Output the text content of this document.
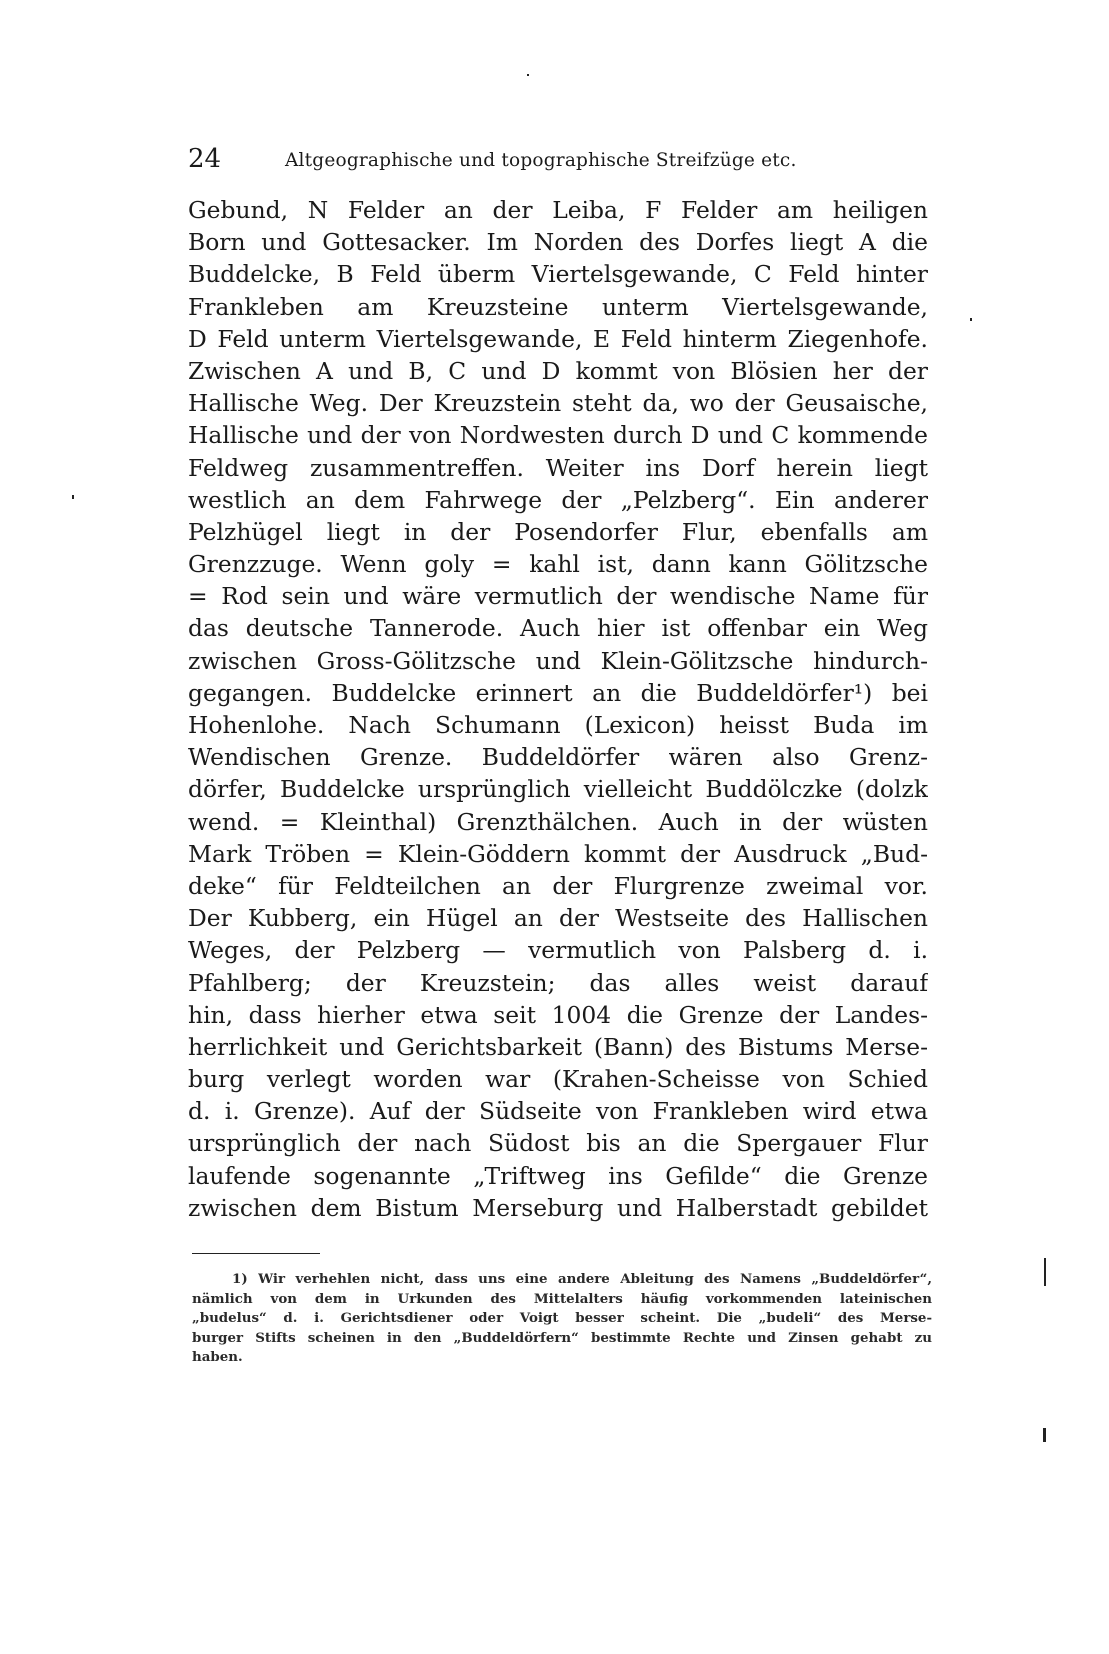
24	Altgeographische und topographische Streifzüge etc.
Gebund, N Felder an der Leiba, F Felder am heiligen
Born und Gottesacker. Im Norden des Dorfes liegt A die
Buddelcke, B Feld überm Viertelsgewande, C Feld hinter
Frankleben am Kreuzsteine unterm Viertelsgewande,
D Feld unterm Viertelsgewande, E Feld hinterm Ziegenhofe.
Zwischen A und B, C und D kommt von Blösien her der
Hallische Weg. Der Kreuzstein steht da, wo der Geusaische,
Hallische und der von Nordwesten durch D und C kommende
Feldweg zusammentreffen. Weiter ins Dorf herein liegt
westlich an dem Fahrwege der „Pelzberg“. Ein anderer
Pelzhügel liegt in der Posendorfer Flur, ebenfalls am
Grenzzuge. Wenn goly = kahl ist, dann kann Gölitzsche
= Rod sein und wäre vermutlich der wendische Name für
das deutsche Tannerode. Auch hier ist offenbar ein Weg
zwischen Gross-Gölitzsche und Klein-Gölitzsche hindurch-
gegangen. Buddelcke erinnert an die Buddeldörfer¹) bei
Hohenlohe. Nach Schumann (Lexicon) heisst Buda im
Wendischen Grenze. Buddeldörfer wären also Grenz-
dörfer, Buddelcke ursprünglich vielleicht Buddölczke (dolzk
wend. = Kleinthal) Grenzthälchen. Auch in der wüsten
Mark Tröben = Klein-Göddern kommt der Ausdruck „Bud-
deke“ für Feldteilchen an der Flurgrenze zweimal vor.
Der Kubberg, ein Hügel an der Westseite des Hallischen
Weges, der Pelzberg — vermutlich von Palsberg d. i.
Pfahlberg; der Kreuzstein; das alles weist darauf
hin, dass hierher etwa seit 1004 die Grenze der Landes-
herrlichkeit und Gerichtsbarkeit (Bann) des Bistums Merse-
burg verlegt worden war (Krahen-Scheisse von Schied
d. i. Grenze). Auf der Südseite von Frankleben wird etwa
ursprünglich der nach Südost bis an die Spergauer Flur
laufende sogenannte „Triftweg ins Gefilde“ die Grenze
zwischen dem Bistum Merseburg und Halberstadt gebildet
1) Wir verhehlen nicht, dass uns eine andere Ableitung des Namens „Buddeldörfer“,
nämlich von dem in Urkunden des Mittelalters häufig vorkommenden lateinischen
„budelus“ d. i. Gerichtsdiener oder Voigt besser scheint. Die „budeli“ des Merse-
burger Stifts scheinen in den „Buddeldörfern“ bestimmte Rechte und Zinsen gehabt zu
haben.
